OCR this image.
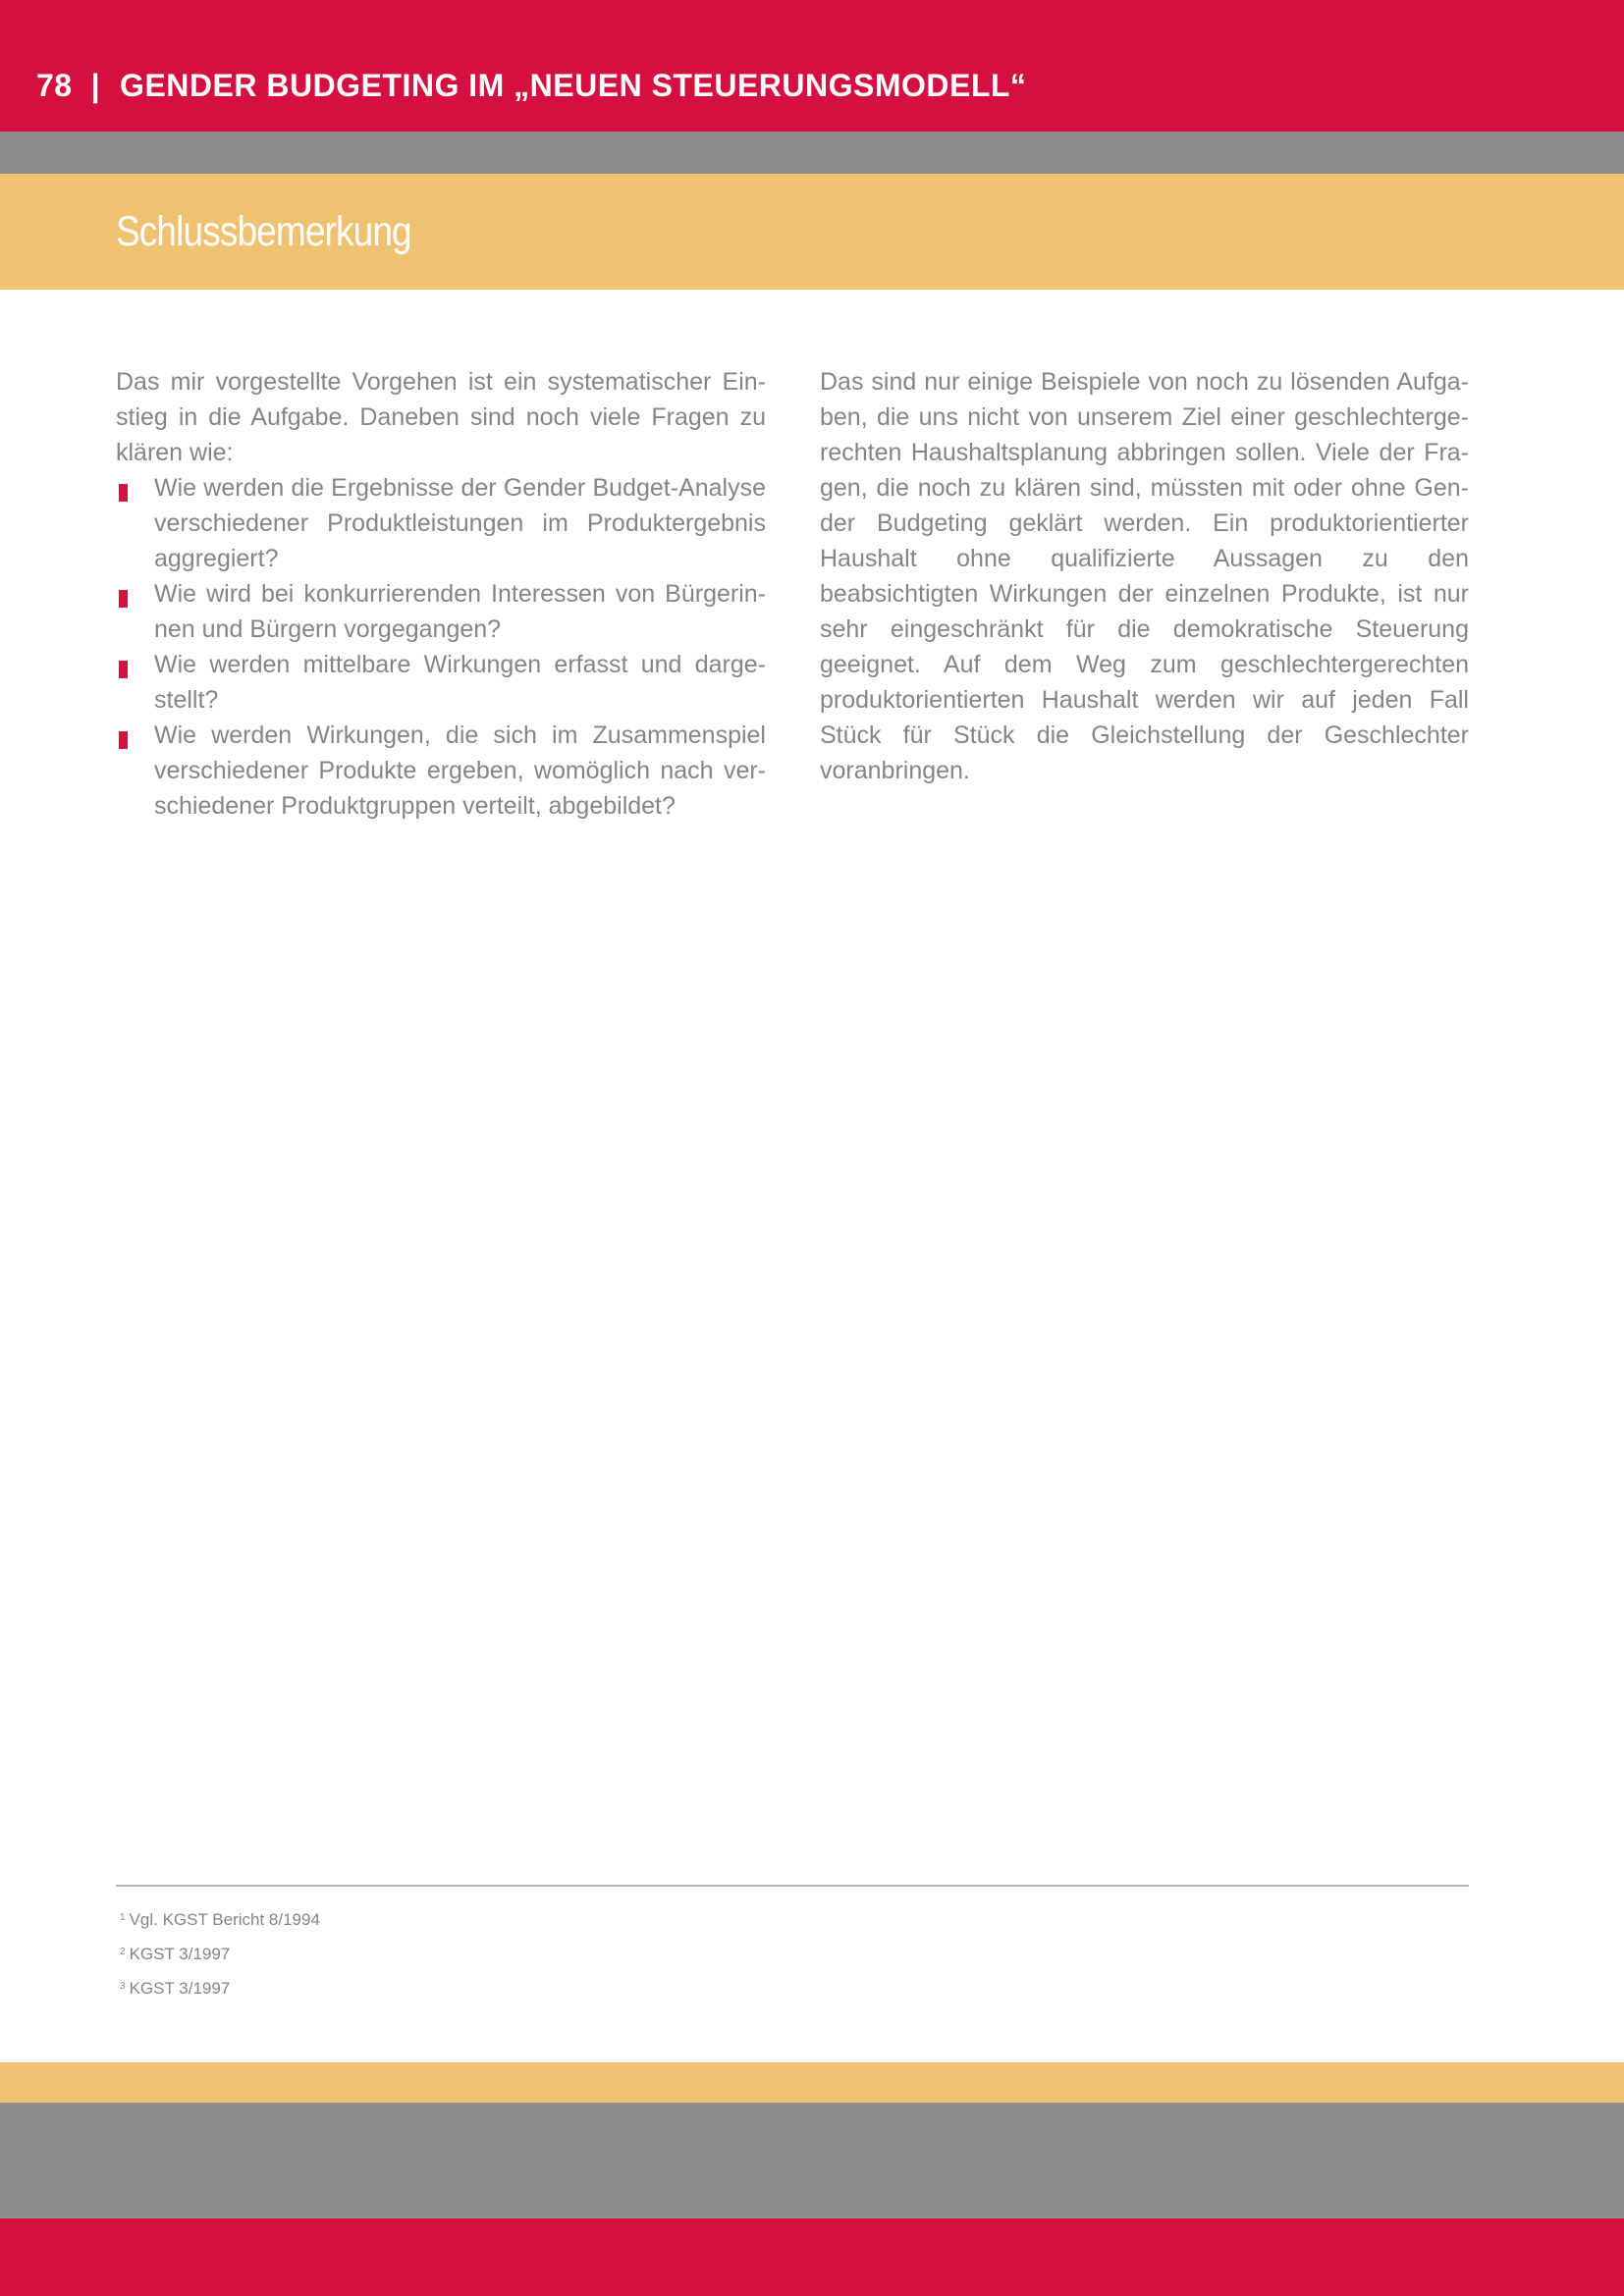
78 | GENDER BUDGETING IM „NEUEN STEUERUNGSMODELL“
Schlussbemerkung

Das mir vorgestellte Vorgehen ist ein systematischer Einstieg in die Aufgabe. Daneben sind noch viele Fragen zu klären wie:

Wie werden die Ergebnisse der Gender Budget-Analyse verschiedener Produktleistungen im Produktergebnis aggregiert?
Wie wird bei konkurrierenden Interessen von Bürgerinnen und Bürgern vorgegangen?
Wie werden mittelbare Wirkungen erfasst und dargestellt?
Wie werden Wirkungen, die sich im Zusammenspiel verschiedener Produkte ergeben, womöglich nach verschiedener Produktgruppen verteilt, abgebildet?

Das sind nur einige Beispiele von noch zu lösenden Aufgaben, die uns nicht von unserem Ziel einer geschlechtergerechten Haushaltsplanung abbringen sollen. Viele der Fragen, die noch zu klären sind, müssten mit oder ohne Gender Budgeting geklärt werden. Ein produktorientierter Haushalt ohne qualifizierte Aussagen zu den beabsichtigten Wirkungen der einzelnen Produkte, ist nur sehr eingeschränkt für die demokratische Steuerung geeignet. Auf dem Weg zum geschlechtergerechten produktorientierten Haushalt werden wir auf jeden Fall Stück für Stück die Gleichstellung der Geschlechter voranbringen.

$^1$ Vgl. KGST Bericht 8/1994
$^2$ KGST 3/1997
$^3$ KGST 3/1997
